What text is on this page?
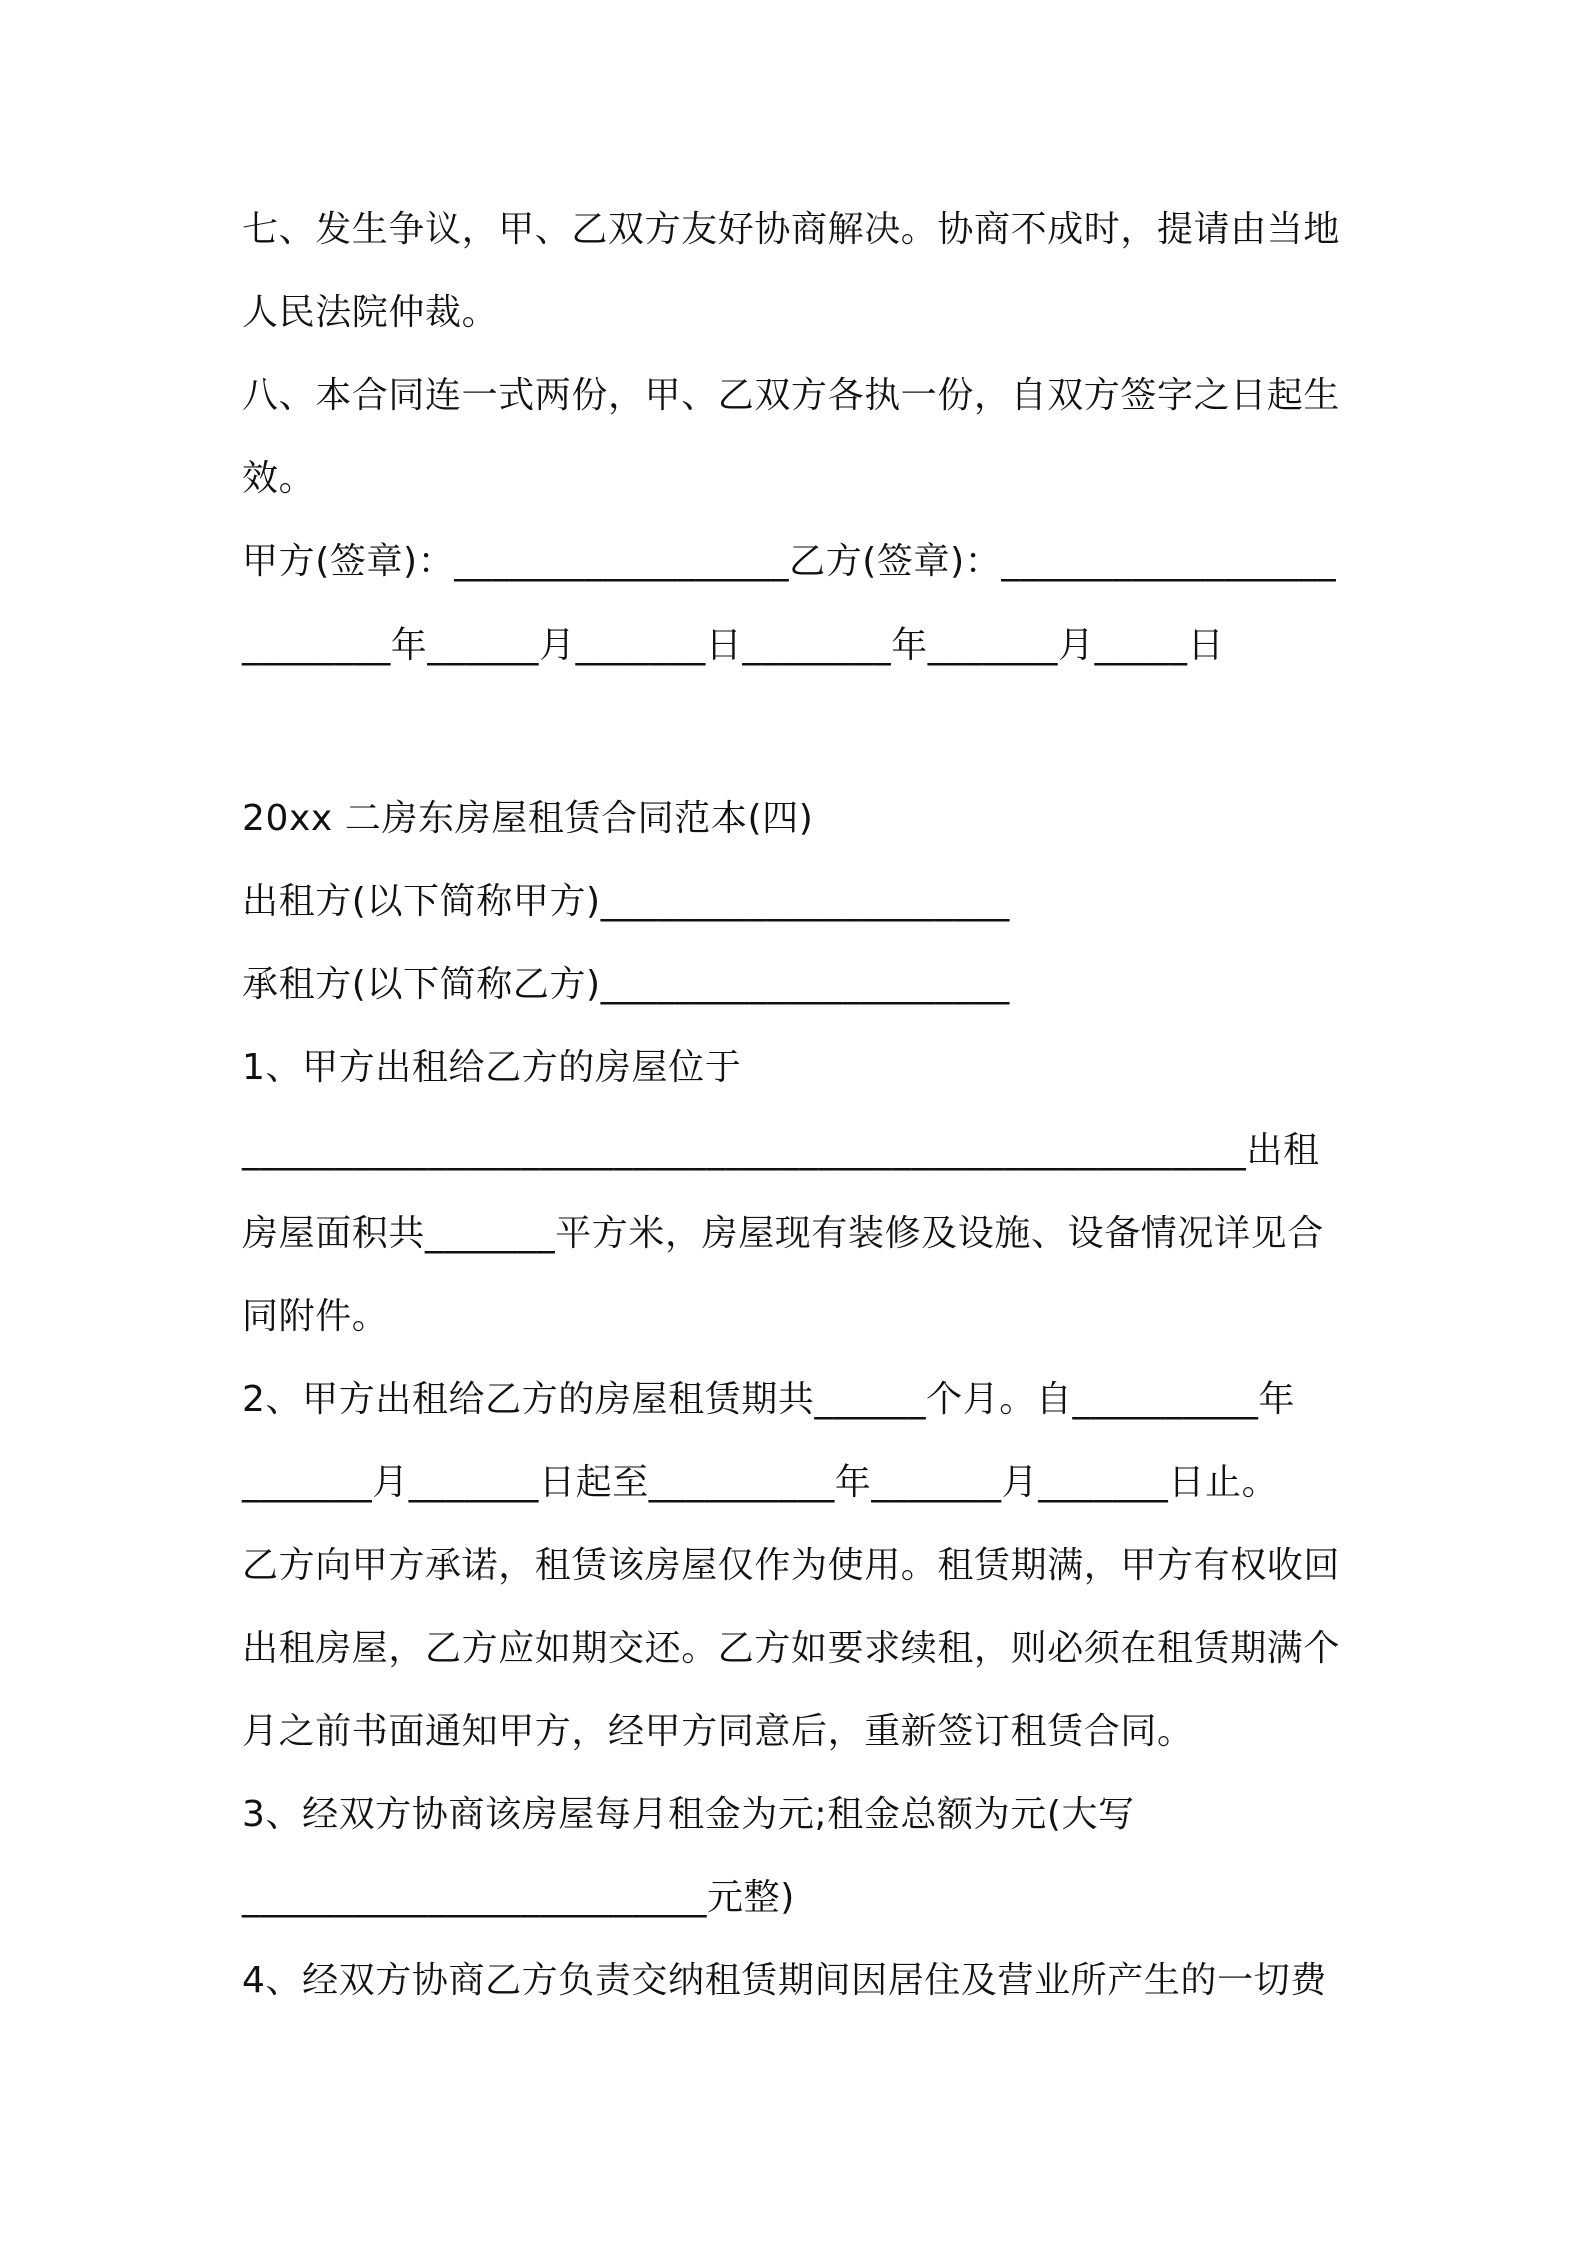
七、发生争议，甲、乙双方友好协商解决。协商不成时，提请由当地
人民法院仲裁。
八、本合同连一式两份，甲、乙双方各执一份，自双方签字之日起生
效。
甲方(签章)：__________________乙方(签章)：__________________
________年______月_______日________年_______月_____日
20xx 二房东房屋租赁合同范本(四)
出租方(以下简称甲方)______________________
承租方(以下简称乙方)______________________
1、甲方出租给乙方的房屋位于
______________________________________________________出租
房屋面积共_______平方米，房屋现有装修及设施、设备情况详见合
同附件。
2、甲方出租给乙方的房屋租赁期共______个月。自__________年
_______月_______日起至__________年_______月_______日止。
乙方向甲方承诺，租赁该房屋仅作为使用。租赁期满，甲方有权收回
出租房屋，乙方应如期交还。乙方如要求续租，则必须在租赁期满个
月之前书面通知甲方，经甲方同意后，重新签订租赁合同。
3、经双方协商该房屋每月租金为元;租金总额为元(大写
_________________________元整)
4、经双方协商乙方负责交纳租赁期间因居住及营业所产生的一切费
